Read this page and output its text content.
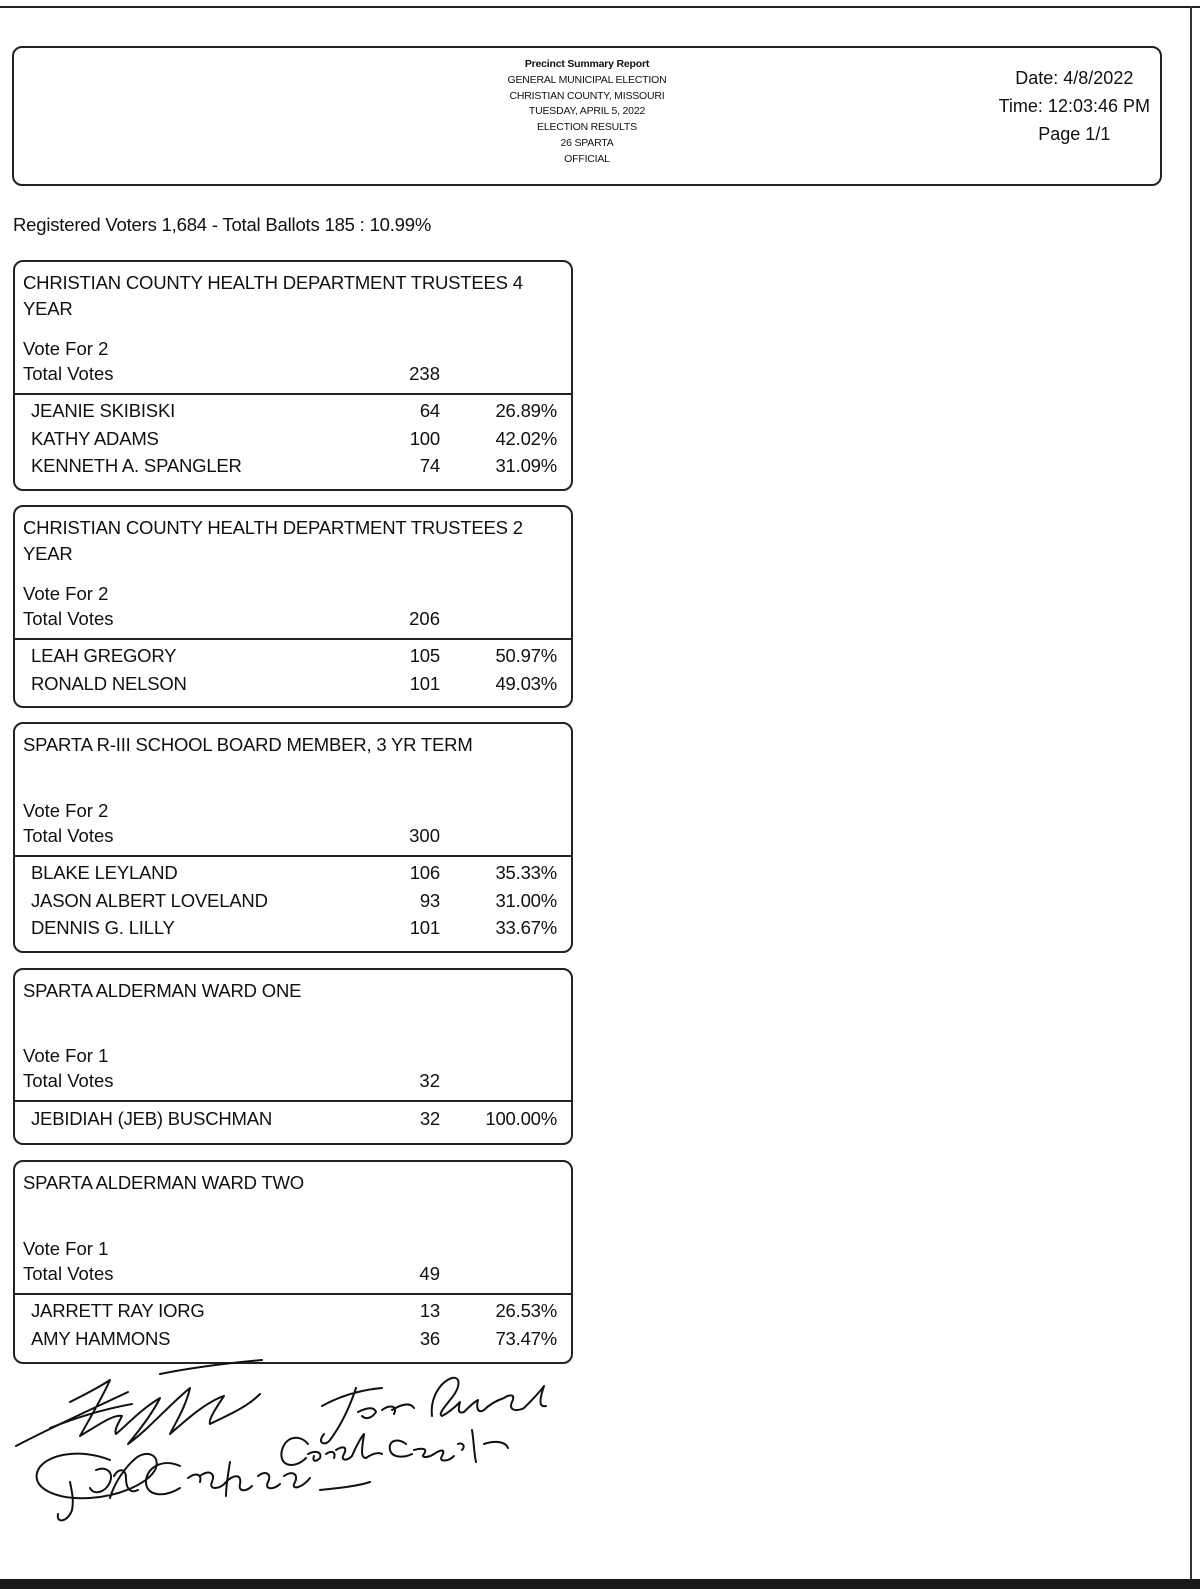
Precinct Summary Report
GENERAL MUNICIPAL ELECTION
CHRISTIAN COUNTY, MISSOURI
TUESDAY, APRIL 5, 2022
ELECTION RESULTS
26 SPARTA
OFFICIAL
Date: 4/8/2022
Time: 12:03:46 PM
Page 1/1
Registered Voters 1,684 - Total Ballots 185 : 10.99%
CHRISTIAN COUNTY HEALTH DEPARTMENT TRUSTEES 4 YEAR
Vote For 2
Total Votes	238
JEANIE SKIBISKI	64	26.89%
KATHY ADAMS	100	42.02%
KENNETH A. SPANGLER	74	31.09%
CHRISTIAN COUNTY HEALTH DEPARTMENT TRUSTEES 2 YEAR
Vote For 2
Total Votes	206
LEAH GREGORY	105	50.97%
RONALD NELSON	101	49.03%
SPARTA R-III SCHOOL BOARD MEMBER, 3 YR TERM
Vote For 2
Total Votes	300
BLAKE LEYLAND	106	35.33%
JASON ALBERT LOVELAND	93	31.00%
DENNIS G. LILLY	101	33.67%
SPARTA ALDERMAN WARD ONE
Vote For 1
Total Votes	32
JEBIDIAH (JEB) BUSCHMAN	32	100.00%
SPARTA ALDERMAN WARD TWO
Vote For 1
Total Votes	49
JARRETT RAY IORG	13	26.53%
AMY HAMMONS	36	73.47%
